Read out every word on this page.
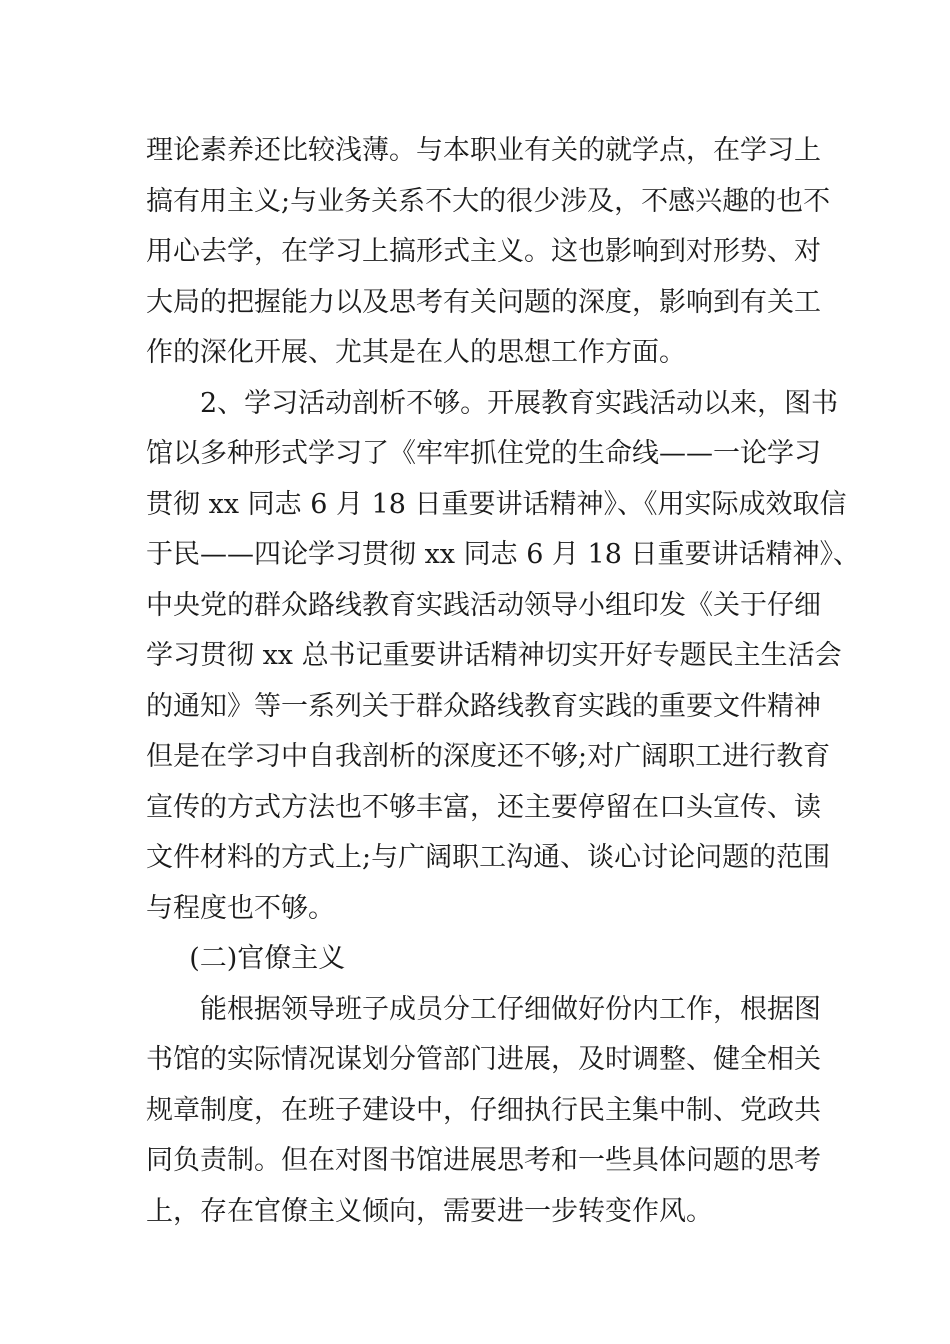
理论素养还比较浅薄。与本职业有关的就学点，在学习上
搞有用主义;与业务关系不大的很少涉及，不感兴趣的也不
用心去学，在学习上搞形式主义。这也影响到对形势、对
大局的把握能力以及思考有关问题的深度，影响到有关工
作的深化开展、尤其是在人的思想工作方面。

2、学习活动剖析不够。开展教育实践活动以来，图书
馆以多种形式学习了《牢牢抓住党的生命线——一论学习
贯彻 xx 同志 6 月 18 日重要讲话精神》、《用实际成效取信
于民——四论学习贯彻 xx 同志 6 月 18 日重要讲话精神》、
中央党的群众路线教育实践活动领导小组印发《关于仔细
学习贯彻 xx 总书记重要讲话精神切实开好专题民主生活会
的通知》等一系列关于群众路线教育实践的重要文件精神
但是在学习中自我剖析的深度还不够;对广阔职工进行教育
宣传的方式方法也不够丰富，还主要停留在口头宣传、读
文件材料的方式上;与广阔职工沟通、谈心讨论问题的范围
与程度也不够。

(二)官僚主义

能根据领导班子成员分工仔细做好份内工作，根据图
书馆的实际情况谋划分管部门进展，及时调整、健全相关
规章制度，在班子建设中，仔细执行民主集中制、党政共
同负责制。但在对图书馆进展思考和一些具体问题的思考
上，存在官僚主义倾向，需要进一步转变作风。
